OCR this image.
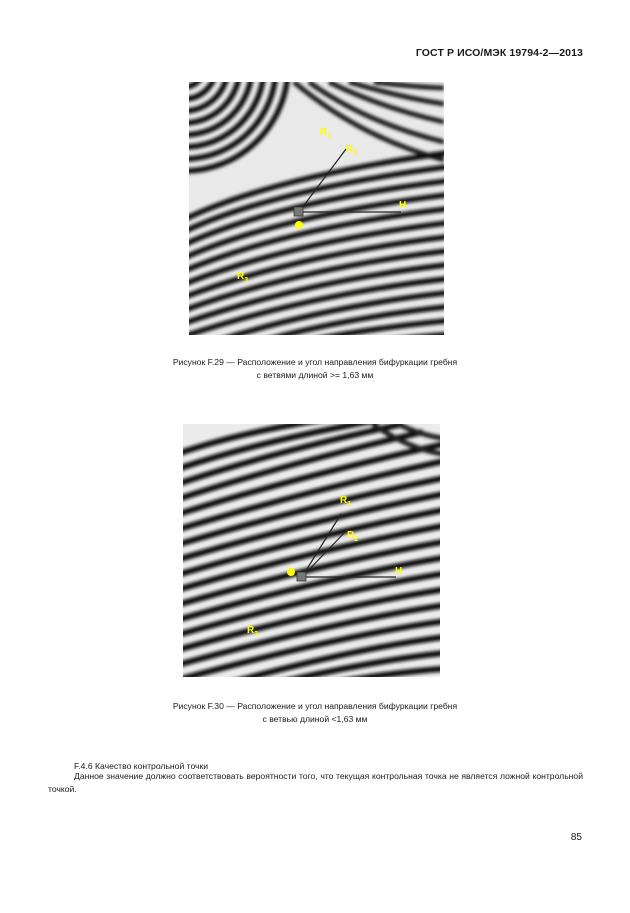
ГОСТ Р ИСО/МЭК 19794-2—2013
$R_1$
$R_2$
H
$R_3$
Рисунок F.29 — Расположение и угол направления бифуркации гребня
с ветвями длиной >= 1,63 мм
$R_1$
$R_2$
H
$R_3$
Рисунок F.30 — Расположение и угол направления бифуркации гребня
с ветвью длиной <1,63 мм
F.4.6 Качество контрольной точки
Данное значение должно соответствовать вероятности того, что текущая контрольная точка не является ложной контрольной точкой.
85
